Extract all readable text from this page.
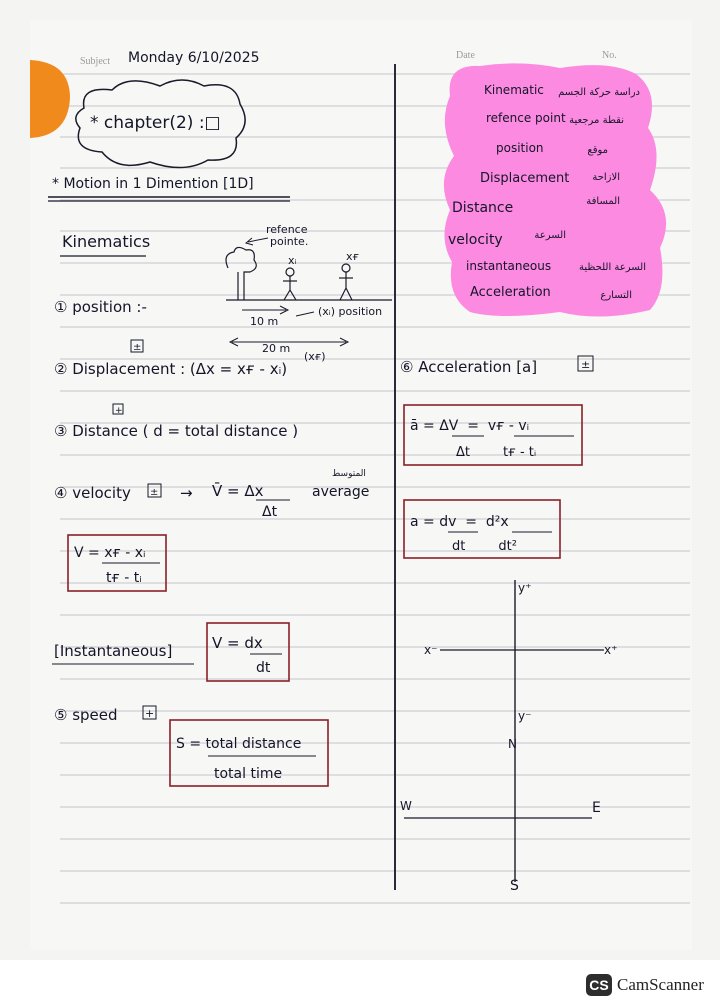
Subject Monday 6/10/2025	Date	No.
* chapter(2) :□
* Motion in 1 Dimention [1D]
Kinematics
refence
pointe.
xᵢ	xғ
10 m
(xᵢ) position
20 m
(xғ)
Kinematic دراسة حركة الجسم
refence point نقطة مرجعية
position	موقع
Displacement الازاحة
Distance	المسافة
velocity	السرعة
instantaneous	السرعة اللحظية
Acceleration	التسارع
① position :-
±
② Displacement : (Δx = xғ - xᵢ)
+
③ Distance ( d = total distance )
④ velocity ± → V̄ = Δx
Δt
المتوسط
average
V = xғ - xᵢ
tғ - tᵢ
[Instantaneous]	V = dx
dt
⑤ speed +
S = total distance
total time
⑥ Acceleration [a]	±
ā = ΔV  =  vғ - vᵢ
Δt        tғ - tᵢ
a = dv  =  d²x
dt        dt²
y⁺
x⁻	x⁺
y⁻
N
W	E
S
CS CamScanner
